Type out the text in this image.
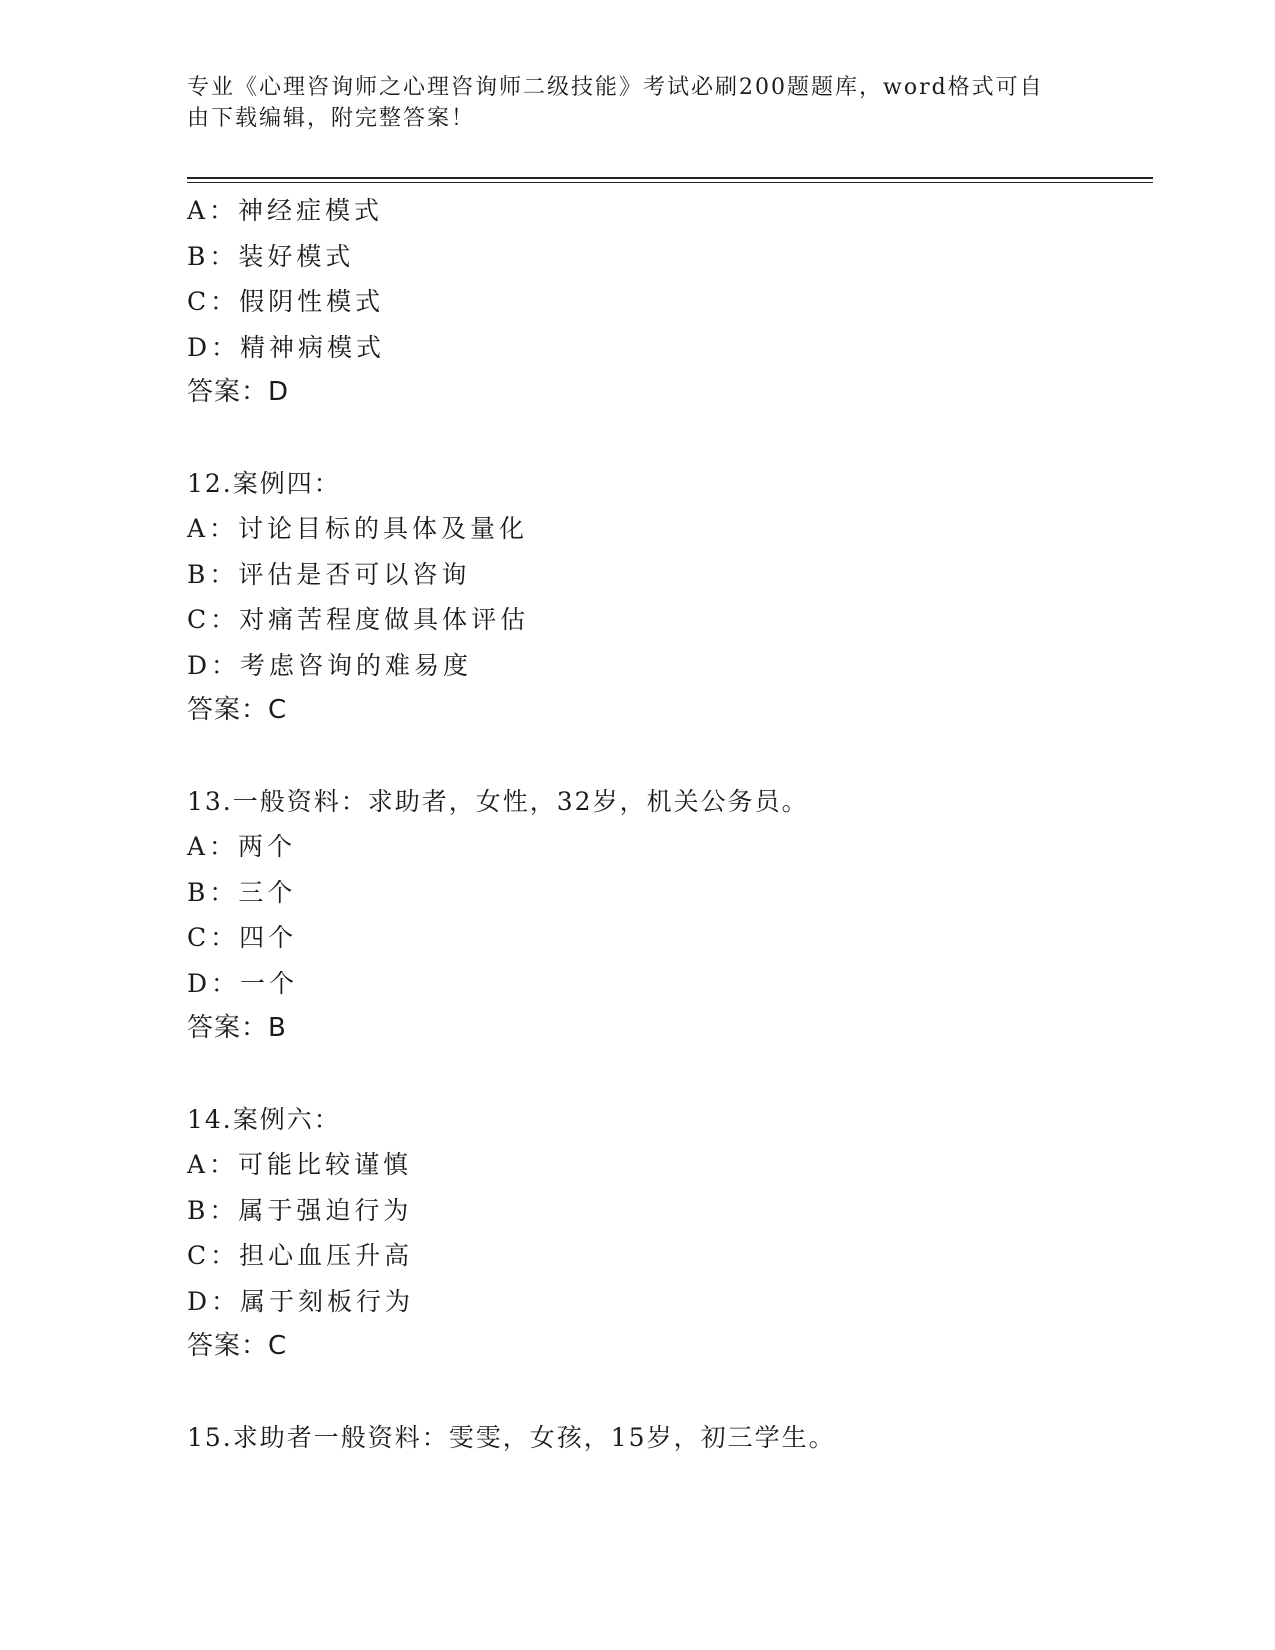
专业《心理咨询师之心理咨询师二级技能》考试必刷200题题库，word格式可自
由下载编辑，附完整答案！
A：神经症模式
B：装好模式
C：假阴性模式
D：精神病模式
答案：D
12.案例四：
A：讨论目标的具体及量化
B：评估是否可以咨询
C：对痛苦程度做具体评估
D：考虑咨询的难易度
答案：C
13.一般资料：求助者，女性，32岁，机关公务员。
A：两个
B：三个
C：四个
D：一个
答案：B
14.案例六：
A：可能比较谨慎
B：属于强迫行为
C：担心血压升高
D：属于刻板行为
答案：C
15.求助者一般资料：雯雯，女孩，15岁，初三学生。
